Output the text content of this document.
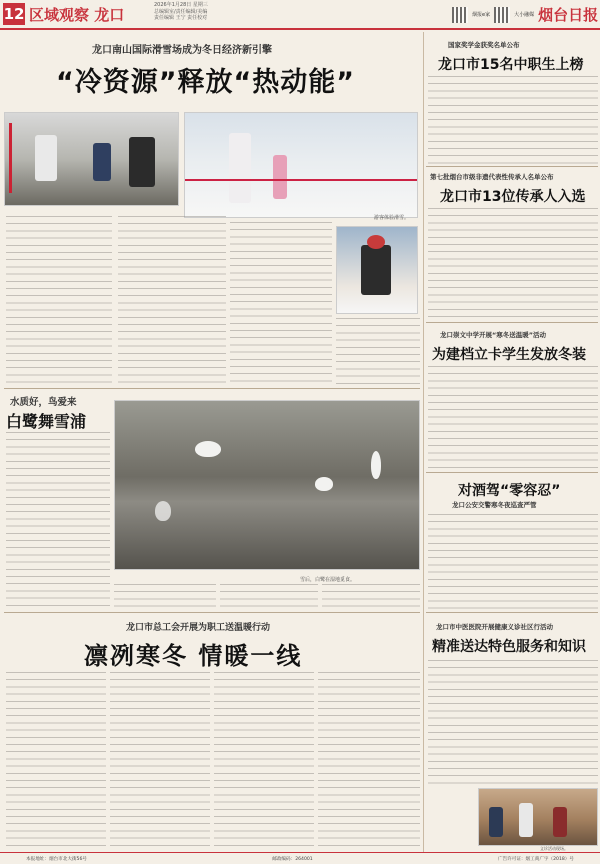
12 区域观察 龙口
2026年1月28日 星期三
总编辑室/责任编辑/美编
责任编辑 王宁 责任校对
烟报e家	大小融媒 烟台日报
龙口南山国际滑雪场成为冬日经济新引擎
“冷资源”释放“热动能”
游客体验滑雪。
水质好，鸟爱来
白鹭舞雪浦
雪后，白鹭在湿地觅食。
龙口市总工会开展为职工送温暖行动
凛冽寒冬 情暖一线
国家奖学金获奖名单公布
龙口市15名中职生上榜
第七批烟台市级非遗代表性传承人名单公布
龙口市13位传承人入选
龙口崇文中学开展“寒冬送温暖”活动
为建档立卡学生发放冬装
对酒驾“零容忍”
龙口公安交警寒冬夜巡查严管
龙口市中医医院开展健康义诊社区行活动
精准送达特色服务和知识
义诊活动现场。
本报地址：烟台市北大街56号	邮政编码：264001	广告许可证：烟工商广字（2018）号
